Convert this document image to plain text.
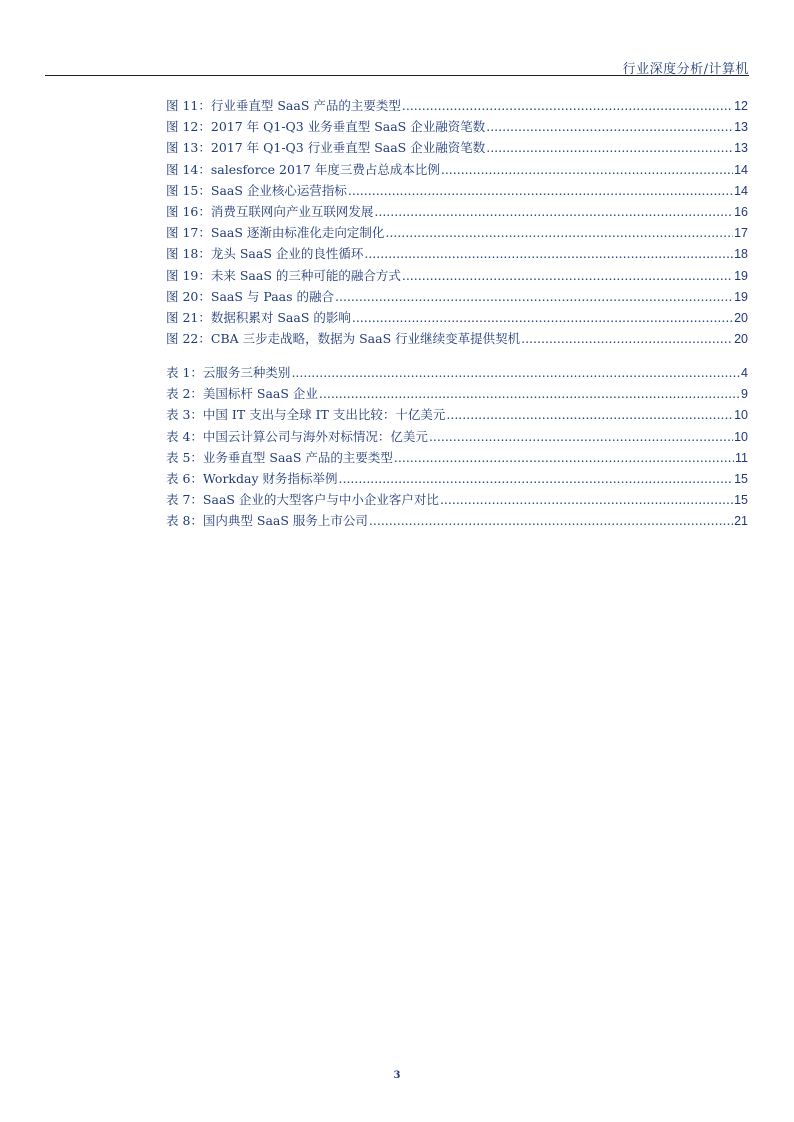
行业深度分析/计算机
图 11：行业垂直型 SaaS 产品的主要类型 .....	12
图 12：2017 年 Q1-Q3 业务垂直型 SaaS 企业融资笔数 .....	13
图 13：2017 年 Q1-Q3 行业垂直型 SaaS 企业融资笔数 .....	13
图 14：salesforce 2017 年度三费占总成本比例 .....	14
图 15：SaaS 企业核心运营指标 .....	14
图 16：消费互联网向产业互联网发展 .....	16
图 17：SaaS 逐渐由标准化走向定制化 .....	17
图 18：龙头 SaaS 企业的良性循环 .....	18
图 19：未来 SaaS 的三种可能的融合方式 .....	19
图 20：SaaS 与 Paas 的融合 .....	19
图 21：数据积累对 SaaS 的影响 .....	20
图 22：CBA 三步走战略，数据为 SaaS 行业继续变革提供契机 .....	20
表 1：云服务三种类别 .....	4
表 2：美国标杆 SaaS 企业 .....	9
表 3：中国 IT 支出与全球 IT 支出比较：十亿美元 .....	10
表 4：中国云计算公司与海外对标情况：亿美元 .....	10
表 5：业务垂直型 SaaS 产品的主要类型 .....	11
表 6：Workday 财务指标举例 .....	15
表 7：SaaS 企业的大型客户与中小企业客户对比 .....	15
表 8：国内典型 SaaS 服务上市公司 .....	21
3
